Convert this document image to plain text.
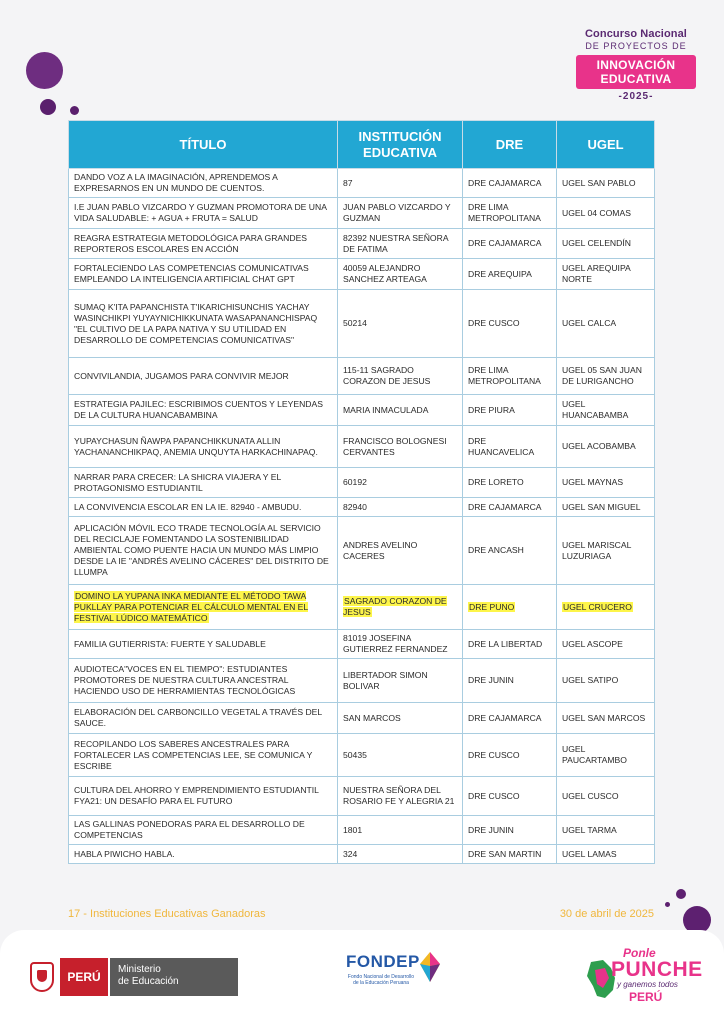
Concurso Nacional
DE PROYECTOS DE
INNOVACIÓN
EDUCATIVA
-2025-
TÍTULO	INSTITUCIÓN EDUCATIVA	DRE	UGEL
DANDO VOZ A LA IMAGINACIÓN, APRENDEMOS A EXPRESARNOS EN UN MUNDO DE CUENTOS.	87	DRE CAJAMARCA	UGEL SAN PABLO
I.E JUAN PABLO VIZCARDO Y GUZMAN PROMOTORA DE UNA VIDA SALUDABLE: + AGUA + FRUTA = SALUD	JUAN PABLO VIZCARDO Y GUZMAN	DRE LIMA METROPOLITANA	UGEL 04 COMAS
REAGRA ESTRATEGIA METODOLÓGICA PARA GRANDES REPORTEROS ESCOLARES EN ACCIÓN	82392 NUESTRA SEÑORA DE FATIMA	DRE CAJAMARCA	UGEL CELENDÍN
FORTALECIENDO LAS COMPETENCIAS COMUNICATIVAS EMPLEANDO LA INTELIGENCIA ARTIFICIAL CHAT GPT	40059 ALEJANDRO SANCHEZ ARTEAGA	DRE AREQUIPA	UGEL AREQUIPA NORTE
SUMAQ K'ITA PAPANCHISTA T'IKARICHISUNCHIS YACHAY WASINCHIKPI YUYAYNICHIKKUNATA WASAPANANCHISPAQ "EL CULTIVO DE LA PAPA NATIVA Y SU UTILIDAD EN DESARROLLO DE COMPETENCIAS COMUNICATIVAS"	50214	DRE CUSCO	UGEL CALCA
CONVIVILANDIA, JUGAMOS PARA CONVIVIR MEJOR	115-11 SAGRADO CORAZON DE JESUS	DRE LIMA METROPOLITANA	UGEL 05 SAN JUAN DE LURIGANCHO
ESTRATEGIA PAJILEC: ESCRIBIMOS CUENTOS Y LEYENDAS DE LA CULTURA HUANCABAMBINA	MARIA INMACULADA	DRE PIURA	UGEL HUANCABAMBA
YUPAYCHASUN ÑAWPA PAPANCHIKKUNATA ALLIN YACHANANCHIKPAQ, ANEMIA UNQUYTA HARKACHINAPAQ.	FRANCISCO BOLOGNESI CERVANTES	DRE HUANCAVELICA	UGEL ACOBAMBA
NARRAR PARA CRECER: LA SHICRA VIAJERA Y EL PROTAGONISMO ESTUDIANTIL	60192	DRE LORETO	UGEL MAYNAS
LA CONVIVENCIA ESCOLAR EN LA IE. 82940 - AMBUDU.	82940	DRE CAJAMARCA	UGEL SAN MIGUEL
APLICACIÓN MÓVIL ECO TRADE TECNOLOGÍA AL SERVICIO DEL RECICLAJE FOMENTANDO LA SOSTENIBILIDAD AMBIENTAL COMO PUENTE HACIA UN MUNDO MÁS LIMPIO DESDE LA IE "ANDRÉS AVELINO CÁCERES" DEL DISTRITO DE LLUMPA	ANDRES AVELINO CACERES	DRE ANCASH	UGEL MARISCAL LUZURIAGA
DOMINO LA YUPANA INKA MEDIANTE EL MÉTODO TAWA PUKLLAY PARA POTENCIAR EL CÁLCULO MENTAL EN EL FESTIVAL LÚDICO MATEMÁTICO	SAGRADO CORAZON DE JESUS	DRE PUNO	UGEL CRUCERO
FAMILIA GUTIERRISTA: FUERTE Y SALUDABLE	81019 JOSEFINA GUTIERREZ FERNANDEZ	DRE LA LIBERTAD	UGEL ASCOPE
AUDIOTECA"VOCES EN EL TIEMPO": ESTUDIANTES PROMOTORES DE NUESTRA CULTURA ANCESTRAL HACIENDO USO DE HERRAMIENTAS TECNOLÓGICAS	LIBERTADOR SIMON BOLIVAR	DRE JUNIN	UGEL SATIPO
ELABORACIÓN DEL CARBONCILLO VEGETAL A TRAVÉS DEL SAUCE.	SAN MARCOS	DRE CAJAMARCA	UGEL SAN MARCOS
RECOPILANDO LOS SABERES ANCESTRALES PARA FORTALECER LAS COMPETENCIAS LEE, SE COMUNICA Y ESCRIBE	50435	DRE CUSCO	UGEL PAUCARTAMBO
CULTURA DEL AHORRO Y EMPRENDIMIENTO ESTUDIANTIL FYA21: UN DESAFÍO PARA EL FUTURO	NUESTRA SEÑORA DEL ROSARIO FE Y ALEGRIA 21	DRE CUSCO	UGEL CUSCO
LAS GALLINAS PONEDORAS PARA EL DESARROLLO DE COMPETENCIAS	1801	DRE JUNIN	UGEL TARMA
HABLA PIWICHO HABLA.	324	DRE SAN MARTIN	UGEL LAMAS
17 - Instituciones Educativas Ganadoras	30 de abril de 2025
PERÚ
Ministerio
de Educación
FONDEP
Fondo Nacional de Desarrollo de la Educación Peruana
Ponle
PUNCHE
y ganemos todos
PERÚ
